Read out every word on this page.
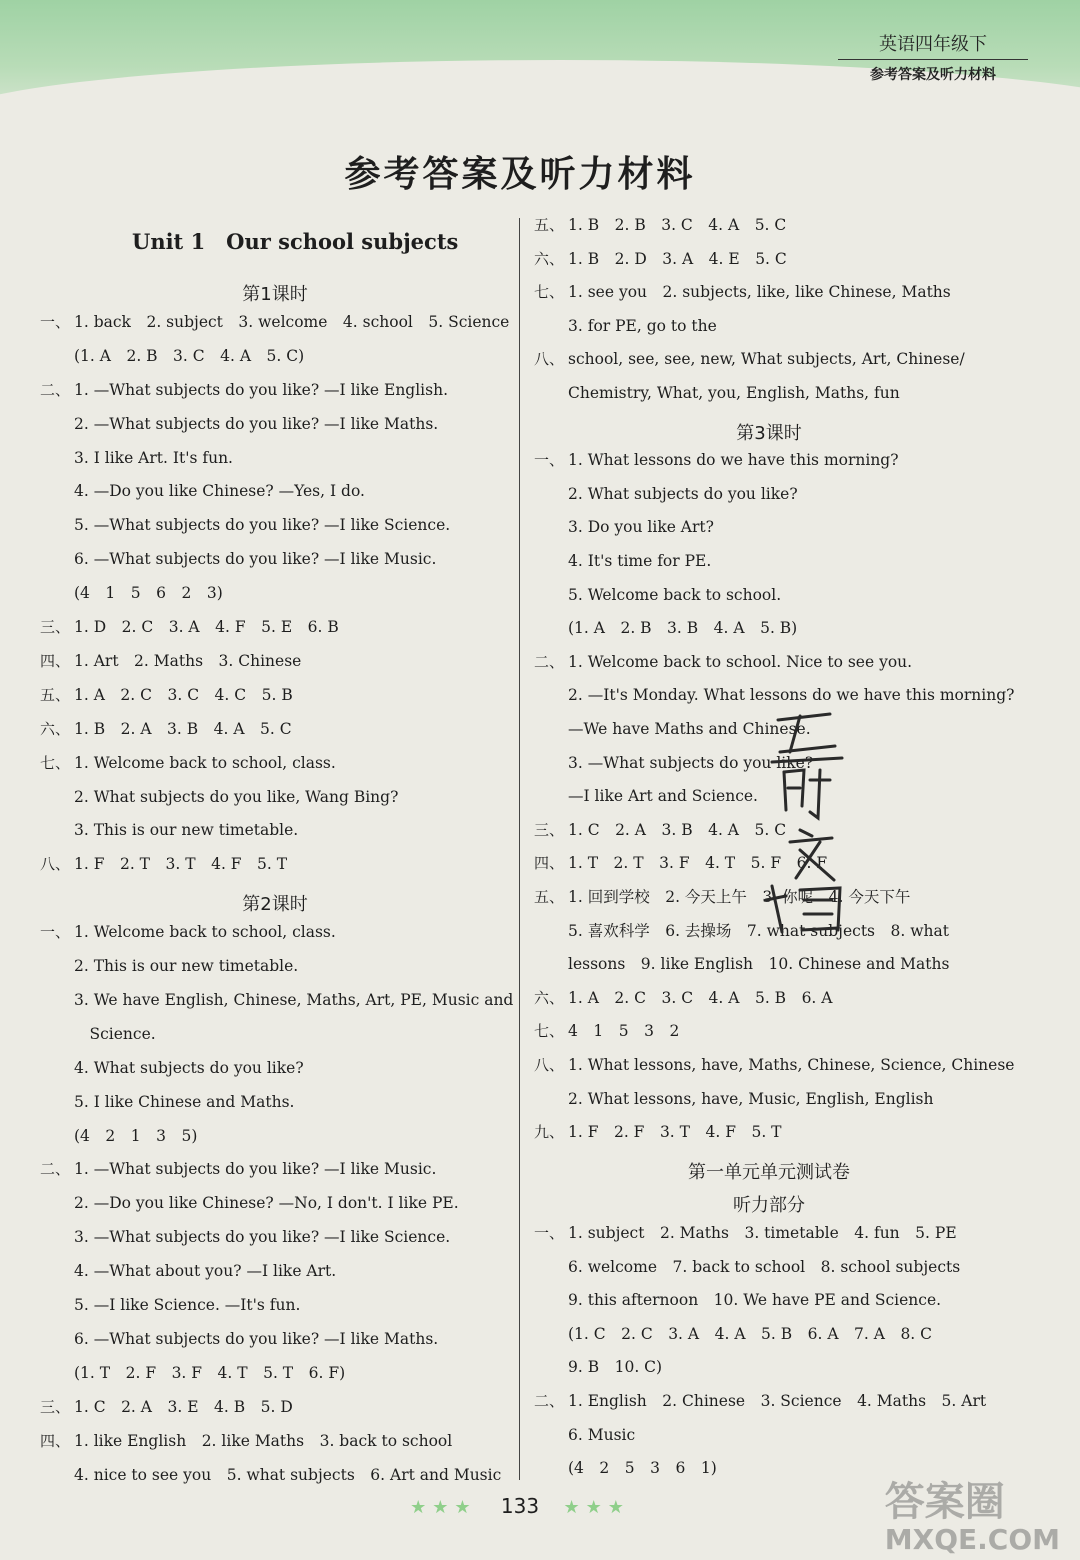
英语四年级下
参考答案及听力材料
参考答案及听力材料
Unit 1　Our school subjects
第1课时
一、 1. back　2. subject　3. welcome　4. school　5. Science
(1. A　2. B　3. C　4. A　5. C)
二、 1. —What subjects do you like? —I like English.
2. —What subjects do you like? —I like Maths.
3. I like Art. It's fun.
4. —Do you like Chinese? —Yes, I do.
5. —What subjects do you like? —I like Science.
6. —What subjects do you like? —I like Music.
(4　1　5　6　2　3)
三、 1. D　2. C　3. A　4. F　5. E　6. B
四、 1. Art　2. Maths　3. Chinese
五、 1. A　2. C　3. C　4. C　5. B
六、 1. B　2. A　3. B　4. A　5. C
七、 1. Welcome back to school, class.
2. What subjects do you like, Wang Bing?
3. This is our new timetable.
八、 1. F　2. T　3. T　4. F　5. T
第2课时
一、 1. Welcome back to school, class.
2. This is our new timetable.
3. We have English, Chinese, Maths, Art, PE, Music and
　Science.
4. What subjects do you like?
5. I like Chinese and Maths.
(4　2　1　3　5)
二、 1. —What subjects do you like? —I like Music.
2. —Do you like Chinese? —No, I don't. I like PE.
3. —What subjects do you like? —I like Science.
4. —What about you? —I like Art.
5. —I like Science. —It's fun.
6. —What subjects do you like? —I like Maths.
(1. T　2. F　3. F　4. T　5. T　6. F)
三、 1. C　2. A　3. E　4. B　5. D
四、 1. like English　2. like Maths　3. back to school
4. nice to see you　5. what subjects　6. Art and Music
五、 1. B　2. B　3. C　4. A　5. C
六、 1. B　2. D　3. A　4. E　5. C
七、 1. see you　2. subjects, like, like Chinese, Maths
3. for PE, go to the
八、 school, see, see, new, What subjects, Art, Chinese/
Chemistry, What, you, English, Maths, fun
第3课时
一、 1. What lessons do we have this morning?
2. What subjects do you like?
3. Do you like Art?
4. It's time for PE.
5. Welcome back to school.
(1. A　2. B　3. B　4. A　5. B)
二、 1. Welcome back to school. Nice to see you.
2. —It's Monday. What lessons do we have this morning?
—We have Maths and Chinese.
3. —What subjects do you like?
—I like Art and Science.
三、 1. C　2. A　3. B　4. A　5. C
四、 1. T　2. T　3. F　4. T　5. F　6. F
五、 1. 回到学校　2. 今天上午　3. 你呢　4. 今天下午
5. 喜欢科学　6. 去操场　7. what subjects　8. what
lessons　9. like English　10. Chinese and Maths
六、 1. A　2. C　3. C　4. A　5. B　6. A
七、 4　1　5　3　2
八、 1. What lessons, have, Maths, Chinese, Science, Chinese
2. What lessons, have, Music, English, English
九、 1. F　2. F　3. T　4. F　5. T
第一单元单元测试卷
听力部分
一、 1. subject　2. Maths　3. timetable　4. fun　5. PE
6. welcome　7. back to school　8. school subjects
9. this afternoon　10. We have PE and Science.
(1. C　2. C　3. A　4. A　5. B　6. A　7. A　8. C
9. B　10. C)
二、 1. English　2. Chinese　3. Science　4. Maths　5. Art
6. Music
(4　2　5　3　6　1)
★★★ 133 ★★★	答案圈
MXQE.COM
